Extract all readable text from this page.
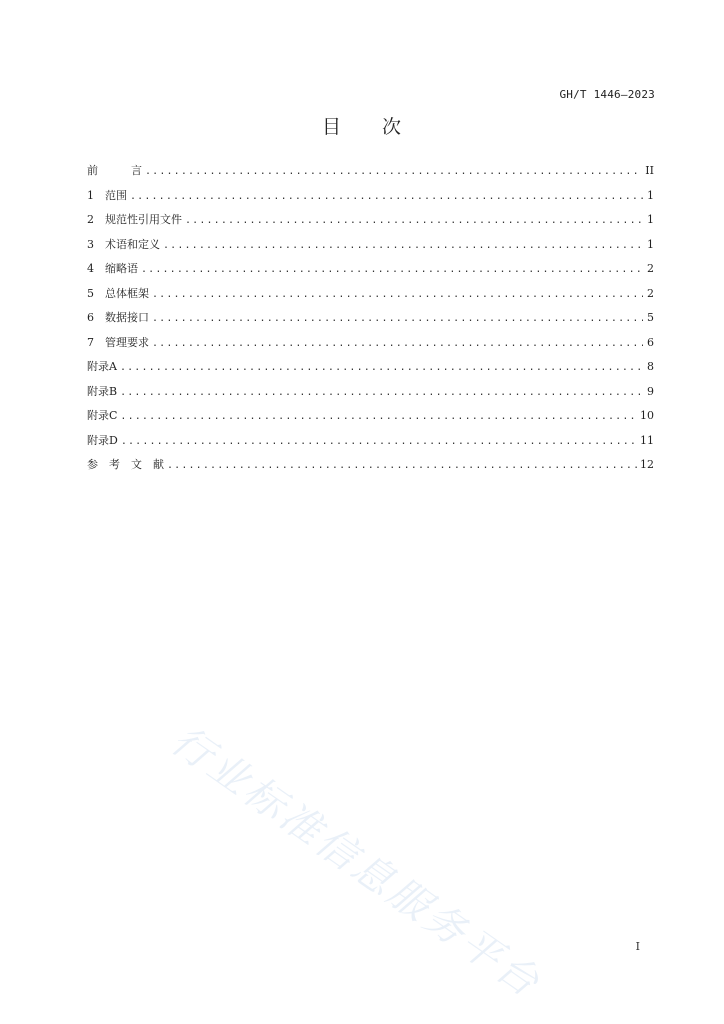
GH/T 1446—2023
目 次
前　　　言 .....	II
1	范围 .....	1
2	规范性引用文件 .....	1
3	术语和定义 .....	1
4	缩略语 .....	2
5	总体框架 .....	2
6	数据接口 .....	5
7	管理要求 .....	6
附录A .....	8
附录B .....	9
附录C .....	10
附录D .....	11
参　考　文　献 .....	12
行业标准信息服务平台	I
